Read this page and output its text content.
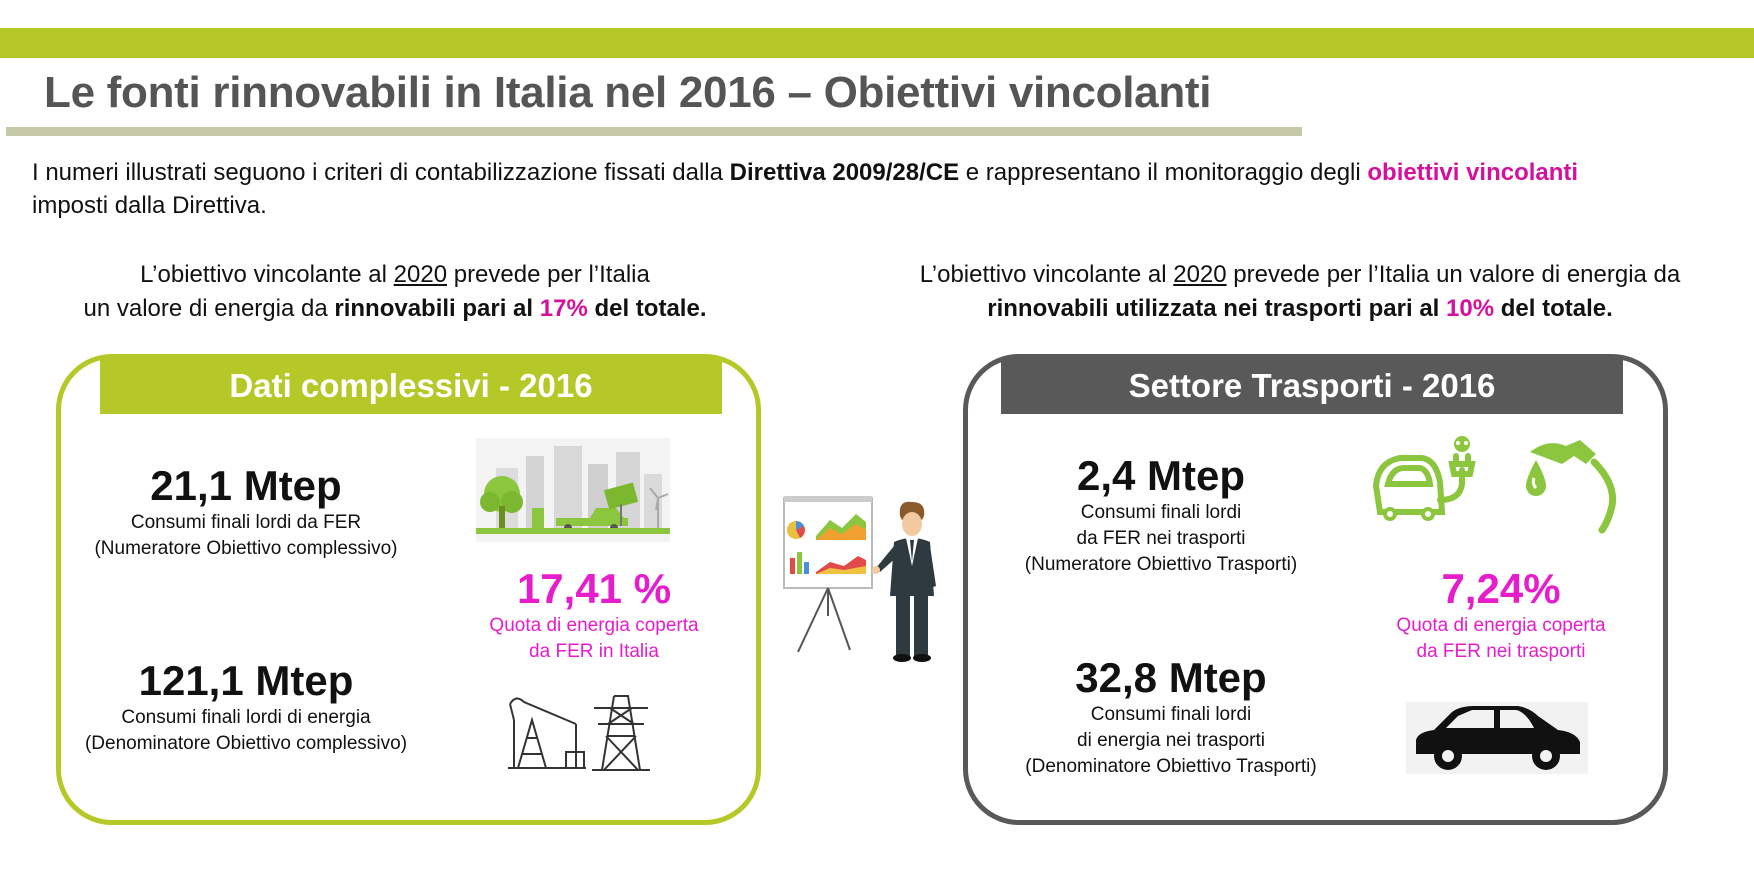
Le fonti rinnovabili in Italia nel 2016 – Obiettivi vincolanti
I numeri illustrati seguono i criteri di contabilizzazione fissati dalla Direttiva 2009/28/CE e rappresentano il monitoraggio degli obiettivi vincolanti
imposti dalla Direttiva.
L’obiettivo vincolante al 2020 prevede per l’Italia
un valore di energia da rinnovabili pari al 17% del totale.
L’obiettivo vincolante al 2020 prevede per l’Italia un valore di energia da
rinnovabili utilizzata nei trasporti pari al 10% del totale.
Dati complessivi - 2016
21,1 Mtep
Consumi finali lordi da FER
(Numeratore Obiettivo complessivo)
121,1 Mtep
Consumi finali lordi di energia
(Denominatore Obiettivo complessivo)
17,41 %
Quota di energia coperta
da FER in Italia
Settore Trasporti - 2016
2,4 Mtep
Consumi finali lordi
da FER nei trasporti
(Numeratore Obiettivo Trasporti)
32,8 Mtep
Consumi finali lordi
di energia nei trasporti
(Denominatore Obiettivo Trasporti)
7,24%
Quota di energia coperta
da FER nei trasporti
